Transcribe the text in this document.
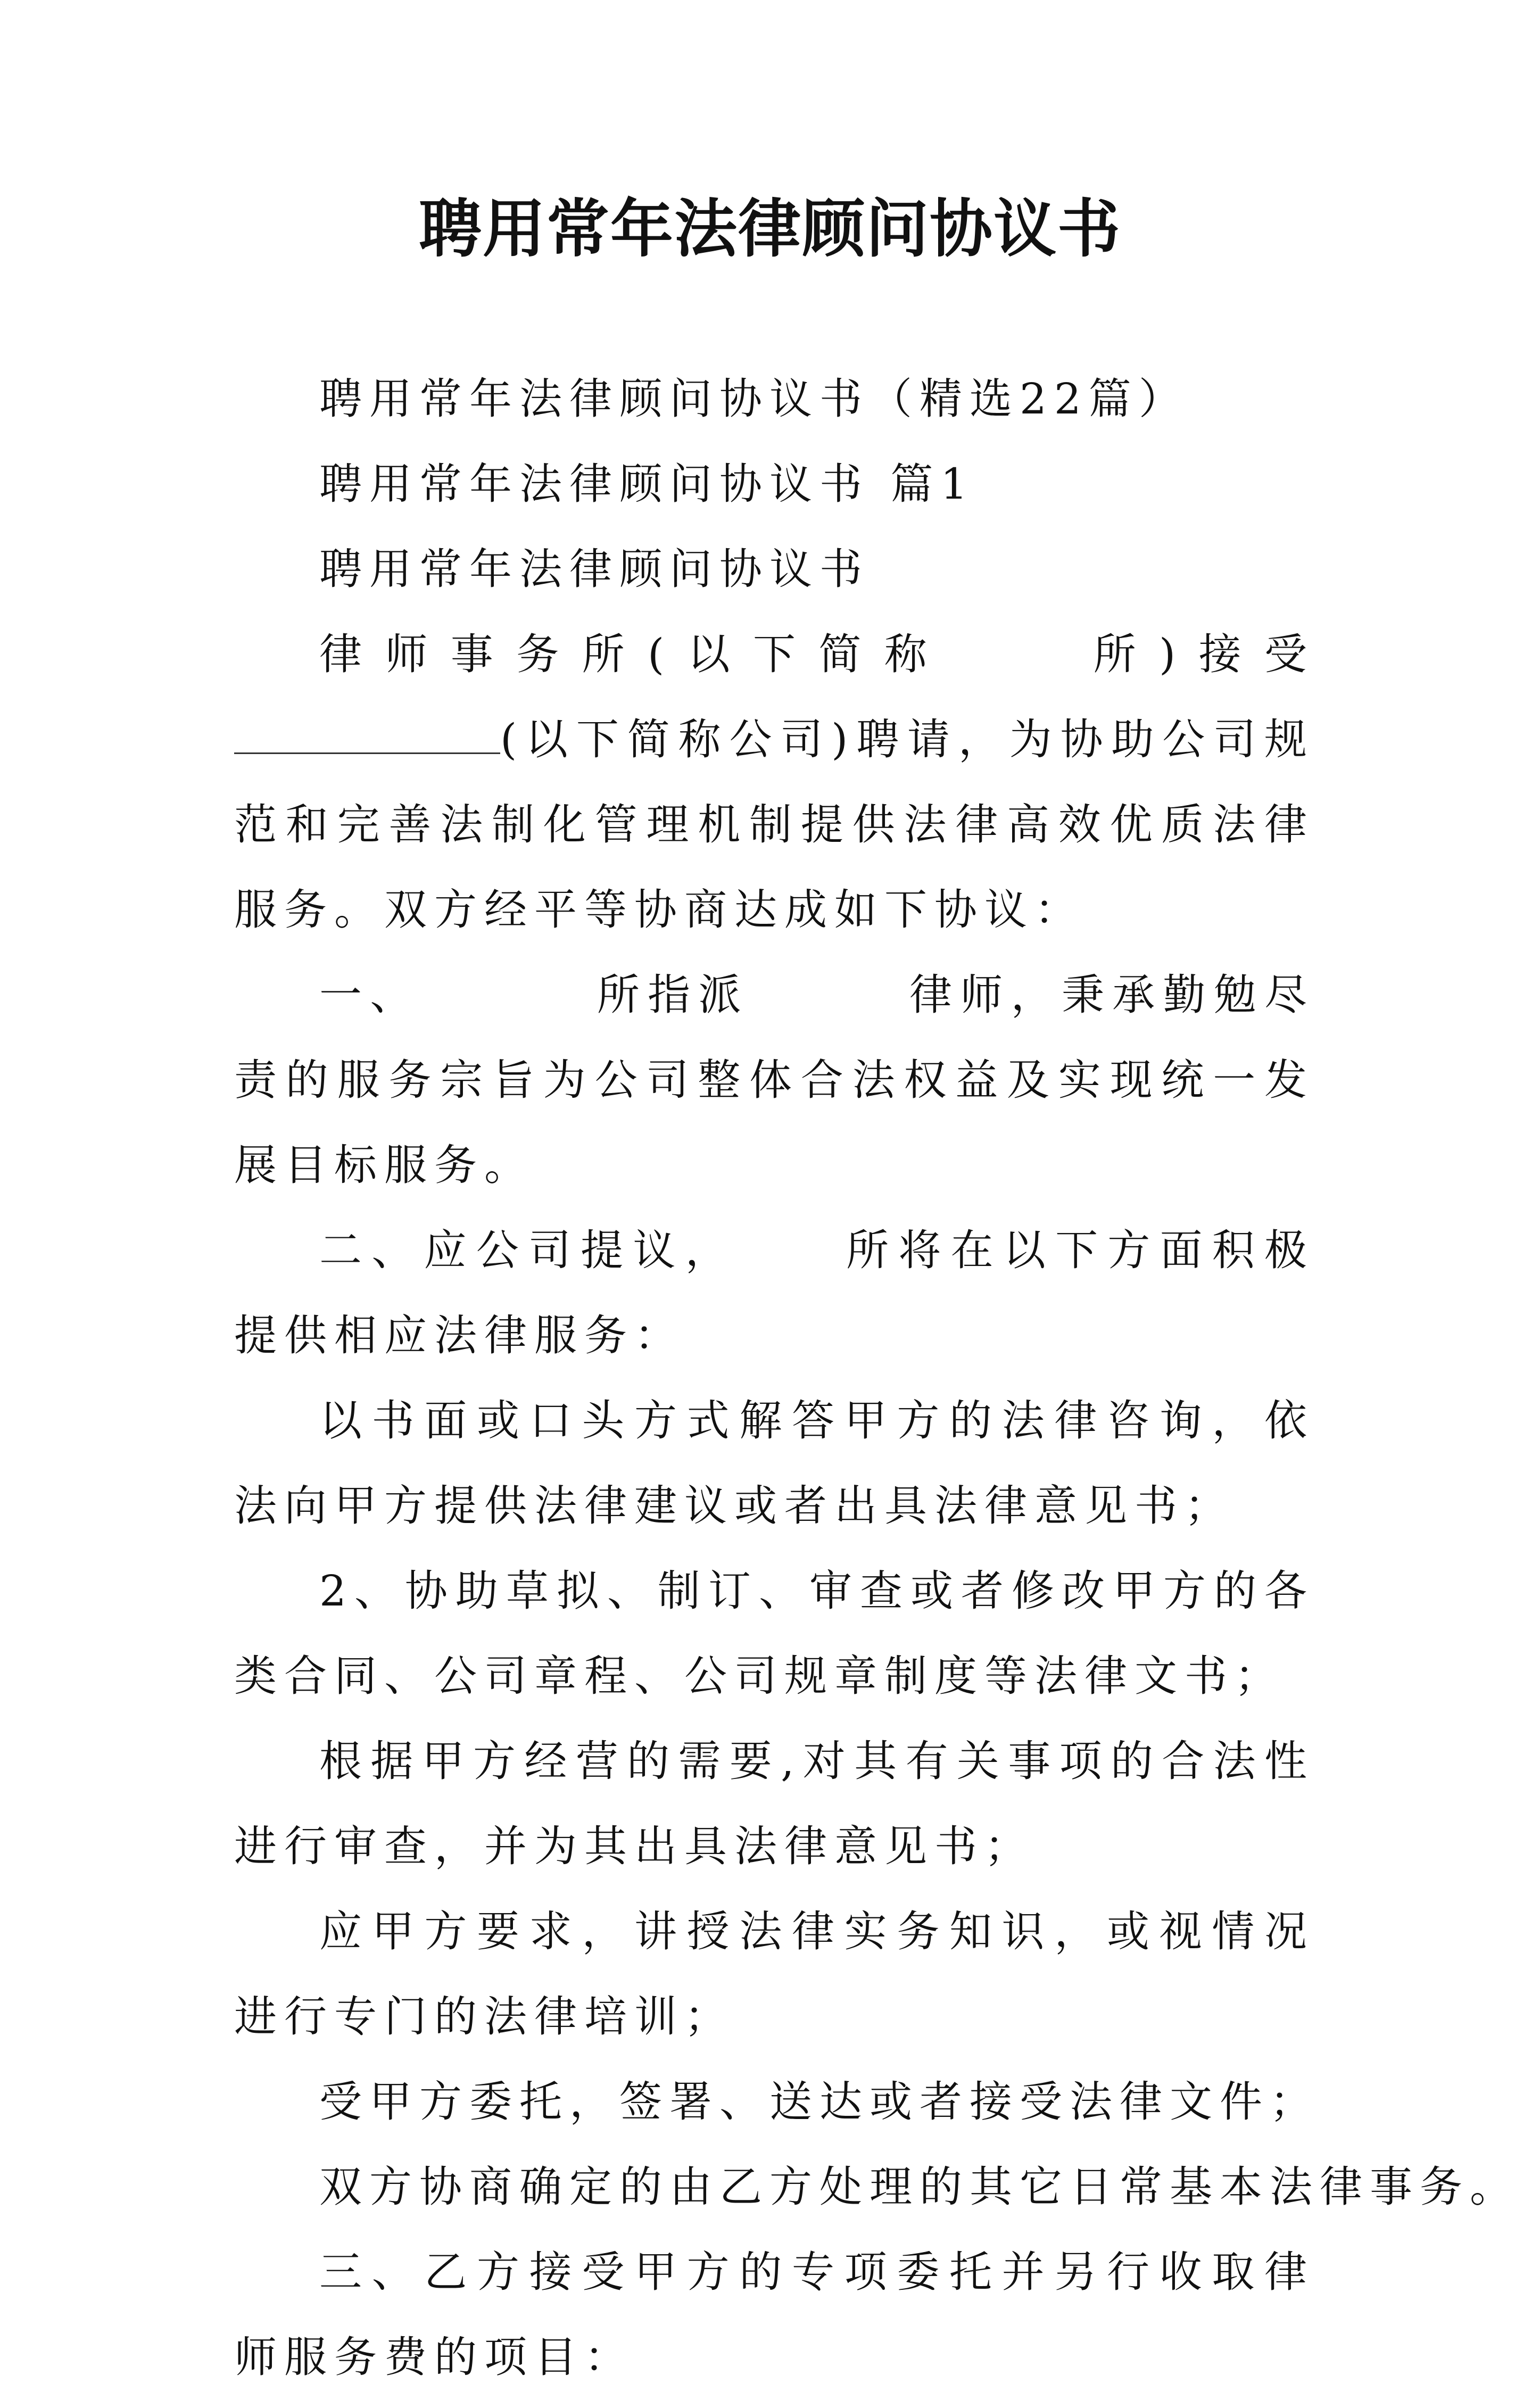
聘用常年法律顾问协议书

聘用常年法律顾问协议书（精选22篇）

聘用常年法律顾问协议书 篇1

聘用常年法律顾问协议书

律师事务所(以下简称	所)接受(以下简称公司)聘请，为协助公司规范和完善法制化管理机制提供法律高效优质法律服务。双方经平等协商达成如下协议：

一、	所指派	律师，秉承勤勉尽责的服务宗旨为公司整体合法权益及实现统一发展目标服务。

二、应公司提议，	所将在以下方面积极提供相应法律服务：

以书面或口头方式解答甲方的法律咨询，依法向甲方提供法律建议或者出具法律意见书；

2、协助草拟、制订、审查或者修改甲方的各类合同、公司章程、公司规章制度等法律文书；

根据甲方经营的需要,对其有关事项的合法性进行审查，并为其出具法律意见书；

应甲方要求，讲授法律实务知识，或视情况进行专门的法律培训；

受甲方委托，签署、送达或者接受法律文件；

双方协商确定的由乙方处理的其它日常基本法律事务。

三、乙方接受甲方的专项委托并另行收取律师服务费的项目：
